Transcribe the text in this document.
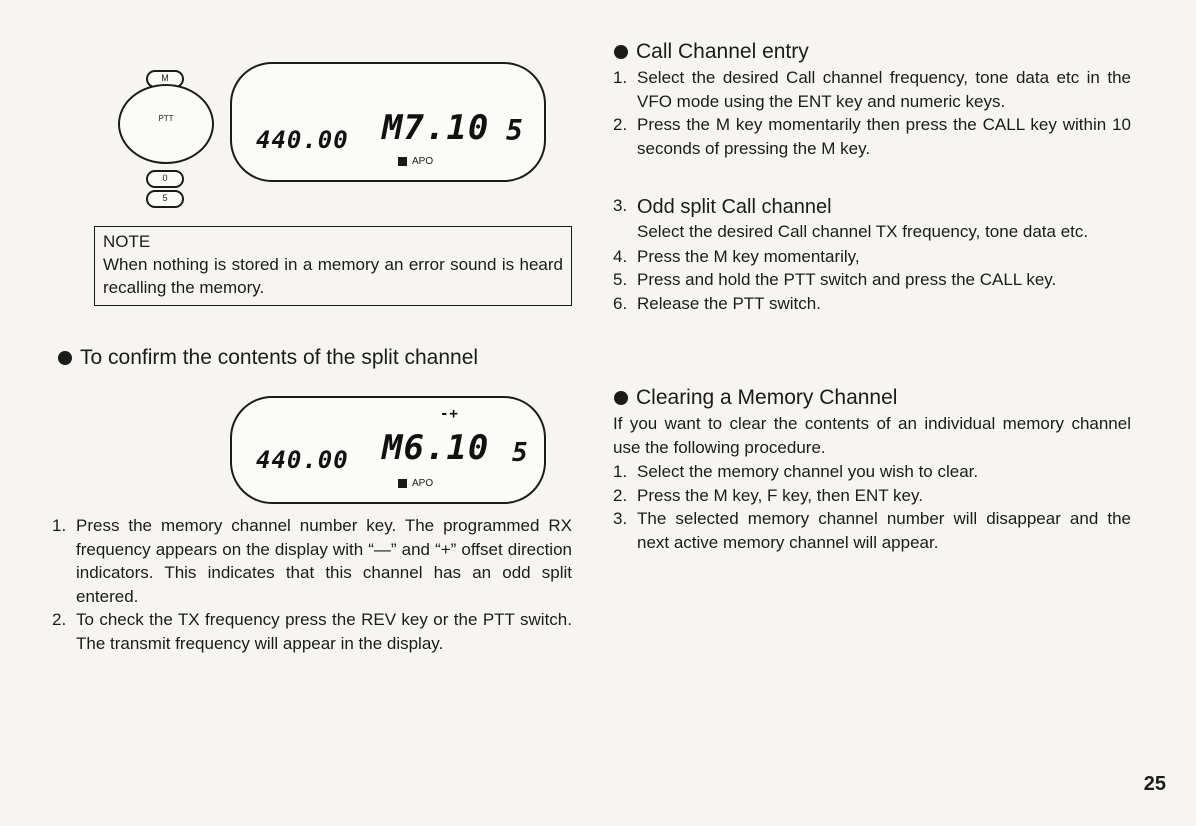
M
PTT
0
5
440.00 M7.10 5
APO
NOTE

When nothing is stored in a memory an error sound is heard recalling the memory.

To confirm the contents of the split channel
-+
440.00 M6.10 5
APO
1. Press the memory channel number key. The programmed RX frequency appears on the display with “—” and “+” offset direction indicators. This indicates that this channel has an odd split entered.
2. To check the TX frequency press the REV key or the PTT switch. The transmit frequency will appear in the display.
Call Channel entry
1. Select the desired Call channel frequency, tone data etc in the VFO mode using the ENT key and numeric keys.
2. Press the M key momentarily then press the CALL key within 10 seconds of pressing the M key.
3. Odd split Call channel
Select the desired Call channel TX frequency, tone data etc.
4. Press the M key momentarily,
5. Press and hold the PTT switch and press the CALL key.
6. Release the PTT switch.
Clearing a Memory Channel

If you want to clear the contents of an individual memory channel use the following procedure.

1. Select the memory channel you wish to clear.
2. Press the M key, F key, then ENT key.
3. The selected memory channel number will disappear and the next active memory channel will appear.
25
